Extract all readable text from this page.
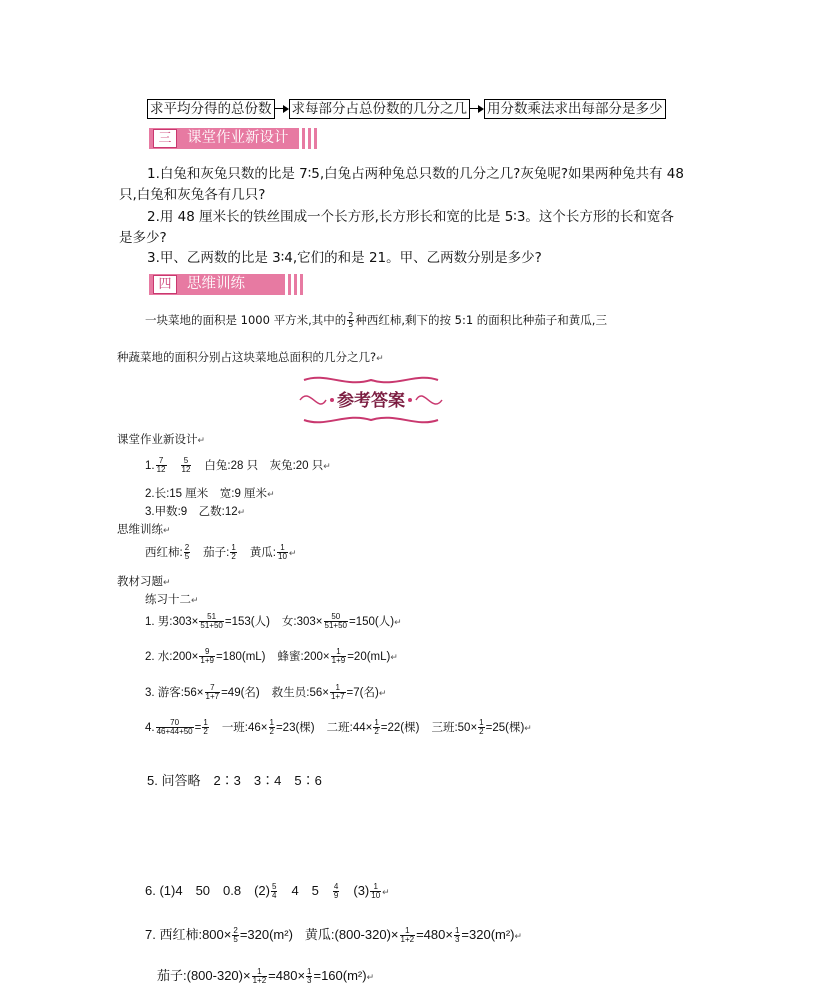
求平均分得的总份数 求每部分占总份数的几分之几 用分数乘法求出每部分是多少
三	课堂作业新设计
1.白兔和灰兔只数的比是 7∶5,白兔占两种兔总只数的几分之几?灰兔呢?如果两种兔共有 48
只,白兔和灰兔各有几只?
2.用 48 厘米长的铁丝围成一个长方形,长方形长和宽的比是 5∶3。这个长方形的长和宽各
是多少?
3.甲、乙两数的比是 3∶4,它们的和是 21。甲、乙两数分别是多少?
四	思维训练
一块菜地的面积是 1000 平方米,其中的 $\frac{2}{5}$ 种西红柿,剩下的按 5:1 的面积比种茄子和黄瓜,三
种蔬菜地的面积分别占这块菜地总面积的几分之几?↵
参考答案
课堂作业新设计↵
1. $\frac{7}{12} \frac{5}{12}$ 白兔:28 只　灰兔:20 只↵
2.长:15 厘米　宽:9 厘米↵
3.甲数:9　乙数:12↵
思维训练↵
西红柿: $\frac{2}{5}$ 茄子: $\frac{1}{2}$ 黄瓜: $\frac{1}{10}$ ↵
教材习题↵
练习十二↵
1. 男:303× $\frac{51}{51+50} =153$(人) 女:303× $\frac{50}{51+50} =150$(人)↵
2. 水:200× $\frac{9}{1+9} =180(mL)$ 蜂蜜:200× $\frac{1}{1+9}$ =20(mL)↵
3. 游客:56× $\frac{7}{1+7} =49$(名) 救生员:56× $\frac{1}{1+7} =7$(名)↵
4. $\frac{70}{46+44+50} = \frac{1}{2}$ 一班:46× $\frac{1}{2} =23$(棵) 二班:44× $\frac{1}{2} =22$(棵) 三班:50× $\frac{1}{2} =25$(棵)↵
5. 问答略　2∶3　3∶4　5∶6
6. (1)4　50　0.8　$(2) \frac{5}{4}$ 　4　5　 $\frac{4}{9}$ 　$(3) \frac{1}{10}$ ↵
7. 西红柿:800× $\frac{2}{5} =320(m^2)$ 黄瓜:(800-320)× $\frac{1}{1+2} =480\times \frac{1}{3}$ =320(m²)↵
茄子:(800-320)× $\frac{1}{1+2} =480\times \frac{1}{3}$ =160(m²)↵
